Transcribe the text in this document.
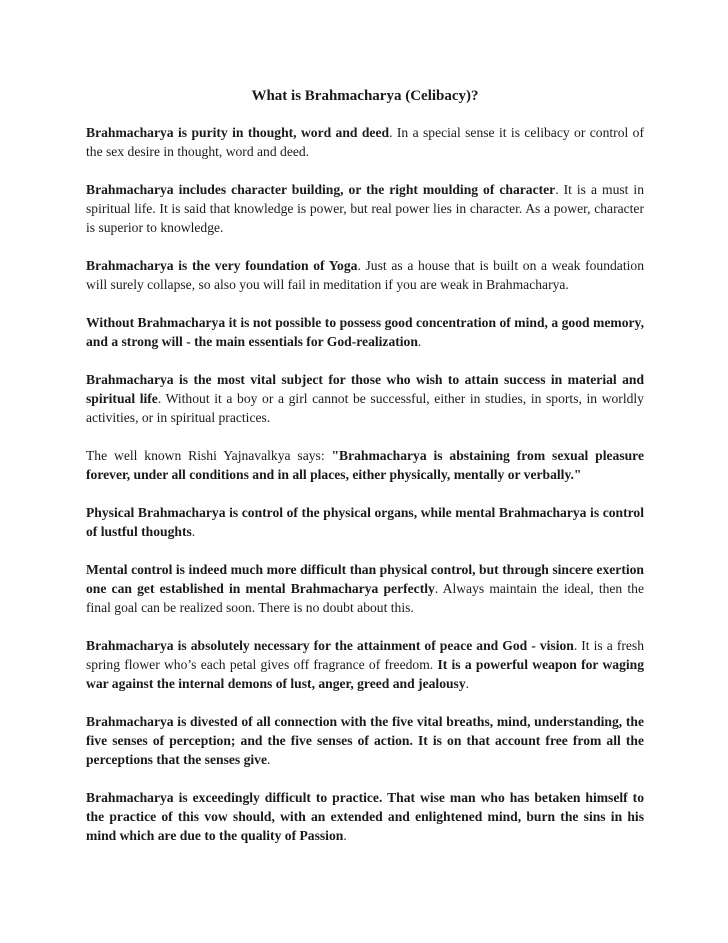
What is Brahmacharya (Celibacy)?

Brahmacharya is purity in thought, word and deed. In a special sense it is celibacy or control of the sex desire in thought, word and deed.

Brahmacharya includes character building, or the right moulding of character. It is a must in spiritual life. It is said that knowledge is power, but real power lies in character. As a power, character is superior to knowledge.

Brahmacharya is the very foundation of Yoga. Just as a house that is built on a weak foundation will surely collapse, so also you will fail in meditation if you are weak in Brahmacharya.

Without Brahmacharya it is not possible to possess good concentration of mind, a good memory, and a strong will - the main essentials for God-realization.

Brahmacharya is the most vital subject for those who wish to attain success in material and spiritual life. Without it a boy or a girl cannot be successful, either in studies, in sports, in worldly activities, or in spiritual practices.

The well known Rishi Yajnavalkya says: "Brahmacharya is abstaining from sexual pleasure forever, under all conditions and in all places, either physically, mentally or verbally."

Physical Brahmacharya is control of the physical organs, while mental Brahmacharya is control of lustful thoughts.

Mental control is indeed much more difficult than physical control, but through sincere exertion one can get established in mental Brahmacharya perfectly. Always maintain the ideal, then the final goal can be realized soon. There is no doubt about this.

Brahmacharya is absolutely necessary for the attainment of peace and God - vision. It is a fresh spring flower who’s each petal gives off fragrance of freedom. It is a powerful weapon for waging war against the internal demons of lust, anger, greed and jealousy.

Brahmacharya is divested of all connection with the five vital breaths, mind, understanding, the five senses of perception; and the five senses of action. It is on that account free from all the perceptions that the senses give.

Brahmacharya is exceedingly difficult to practice. That wise man who has betaken himself to the practice of this vow should, with an extended and enlightened mind, burn the sins in his mind which are due to the quality of Passion.
